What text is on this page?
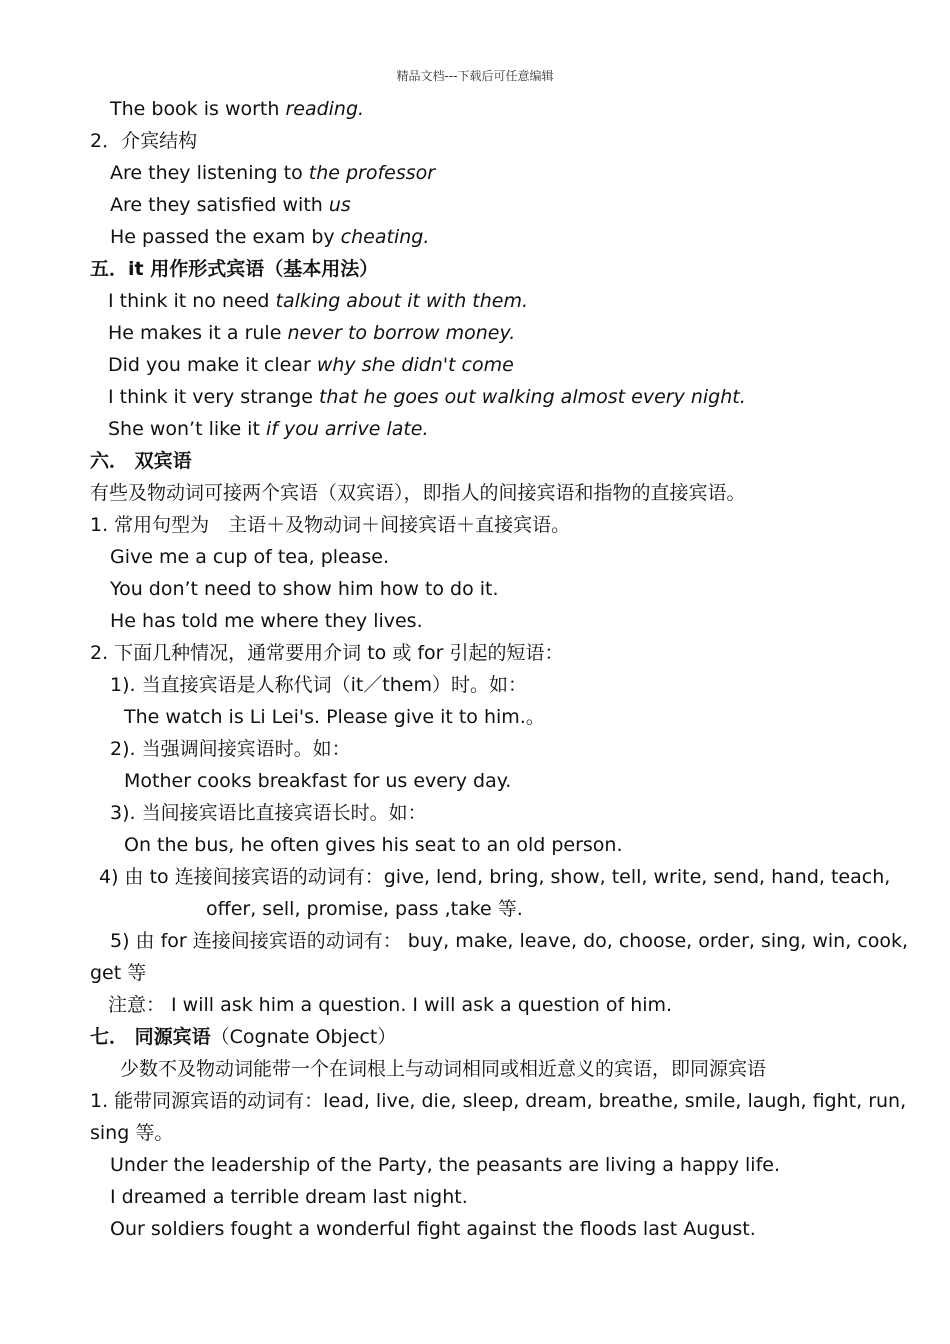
精品文档---下载后可任意编辑
The book is worth reading.
2．介宾结构
Are they listening to the professor
Are they satisfied with us
He passed the exam by cheating.
五．it 用作形式宾语（基本用法）
I think it no need talking about it with them.
He makes it a rule never to borrow money.
Did you make it clear why she didn't come
I think it very strange that he goes out walking almost every night.
She won’t like it if you arrive late.
六． 双宾语
有些及物动词可接两个宾语（双宾语），即指人的间接宾语和指物的直接宾语。
1. 常用句型为　主语＋及物动词＋间接宾语＋直接宾语。
Give me a cup of tea, please.
You don’t need to show him how to do it.
He has told me where they lives.
2. 下面几种情况，通常要用介词 to 或 for 引起的短语：
1). 当直接宾语是人称代词（it／them）时。如：
The watch is Li Lei's. Please give it to him.。
2). 当强调间接宾语时。如：
Mother cooks breakfast for us every day.
3). 当间接宾语比直接宾语长时。如：
On the bus, he often gives his seat to an old person.
4) 由 to 连接间接宾语的动词有：give, lend, bring, show, tell, write, send, hand, teach,
offer, sell, promise, pass ,take 等.
5) 由 for 连接间接宾语的动词有： buy, make, leave, do, choose, order, sing, win, cook,
get 等
注意： I will ask him a question. I will ask a question of him.
七． 同源宾语（Cognate Object）
少数不及物动词能带一个在词根上与动词相同或相近意义的宾语，即同源宾语
1. 能带同源宾语的动词有：lead, live, die, sleep, dream, breathe, smile, laugh, fight, run,
sing 等。
Under the leadership of the Party, the peasants are living a happy life.
I dreamed a terrible dream last night.
Our soldiers fought a wonderful fight against the floods last August.
